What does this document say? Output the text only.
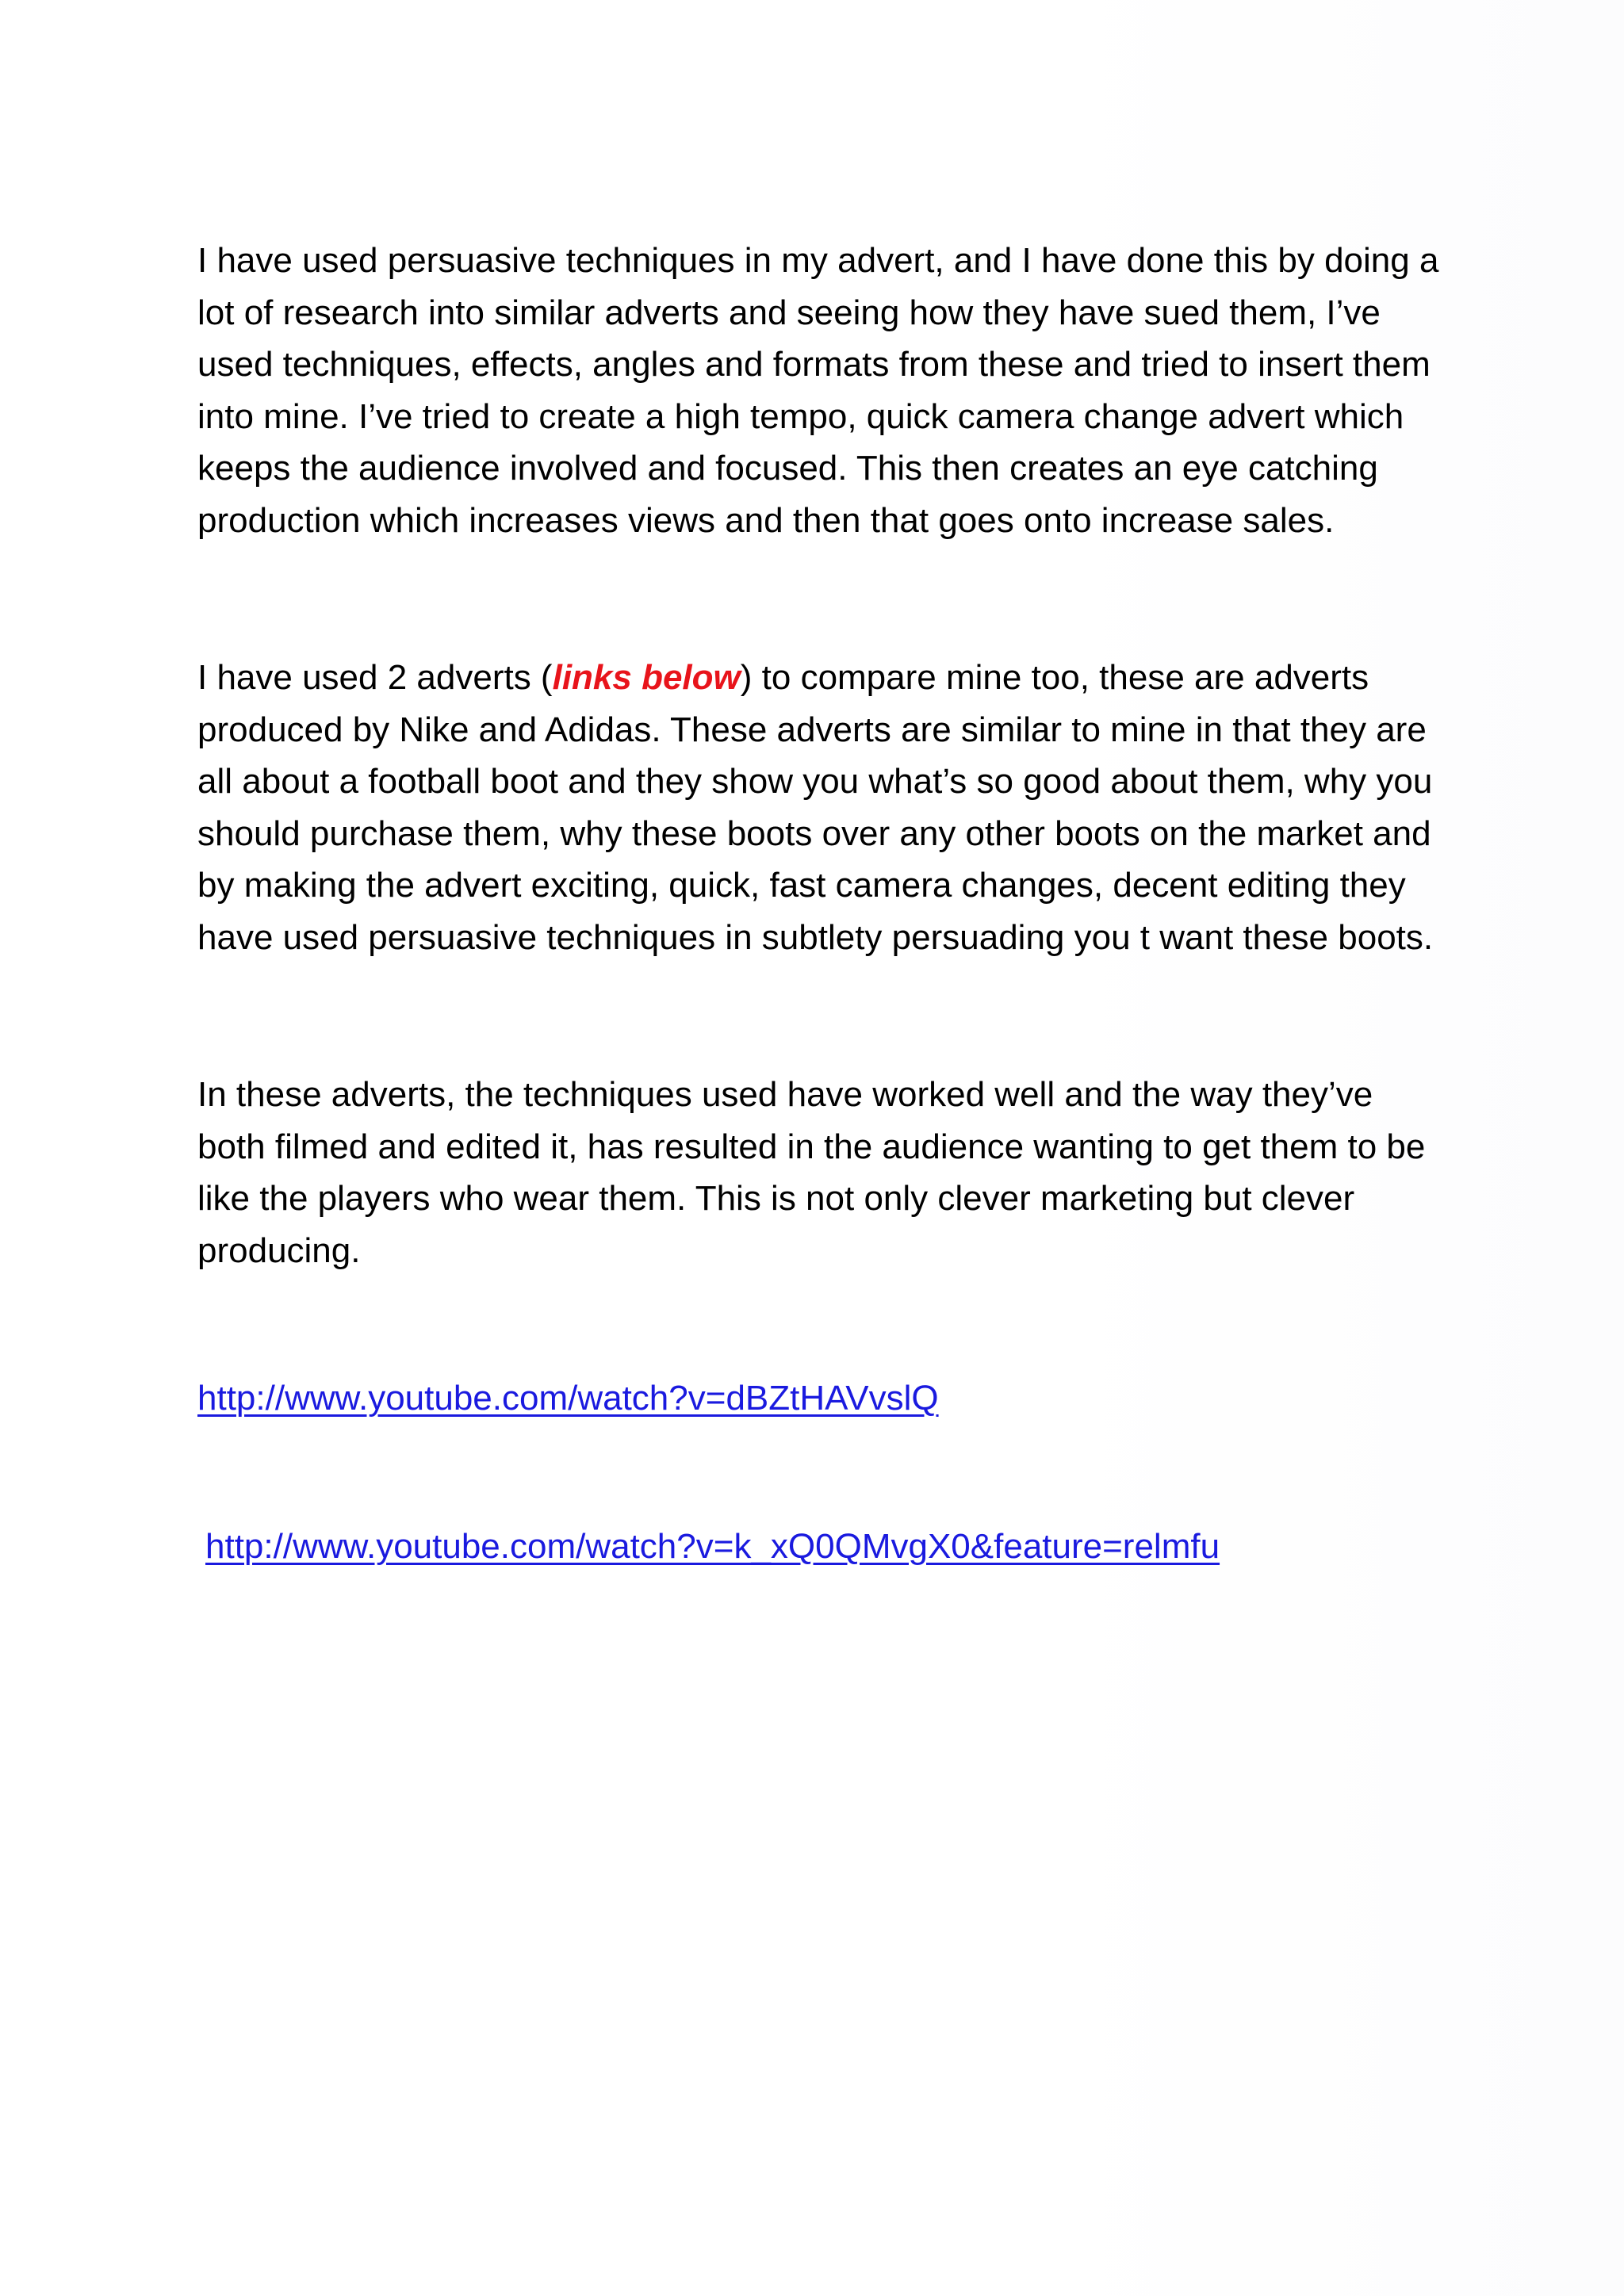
I have used persuasive techniques in my advert, and I have done this by doing a lot of research into similar adverts and seeing how they have sued them, I’ve used techniques, effects, angles and formats from these and tried to insert them into mine. I’ve tried to create a high tempo, quick camera change advert which keeps the audience involved and focused. This then creates an eye catching production which increases views and then that goes onto increase sales.

I have used 2 adverts (links below) to compare mine too, these are adverts produced by Nike and Adidas. These adverts are similar to mine in that they are all about a football boot and they show you what’s so good about them, why you should purchase them, why these boots over any other boots on the market and by making the advert exciting, quick, fast camera changes, decent editing they have used persuasive techniques in subtlety persuading you t want these boots.

In these adverts, the techniques used have worked well and the way they’ve both filmed and edited it, has resulted in the audience wanting to get them to be like the players who wear them. This is not only clever marketing but clever producing.

http://www.youtube.com/watch?v=dBZtHAVvslQ
http://www.youtube.com/watch?v=k_xQ0QMvgX0&feature=relmfu
